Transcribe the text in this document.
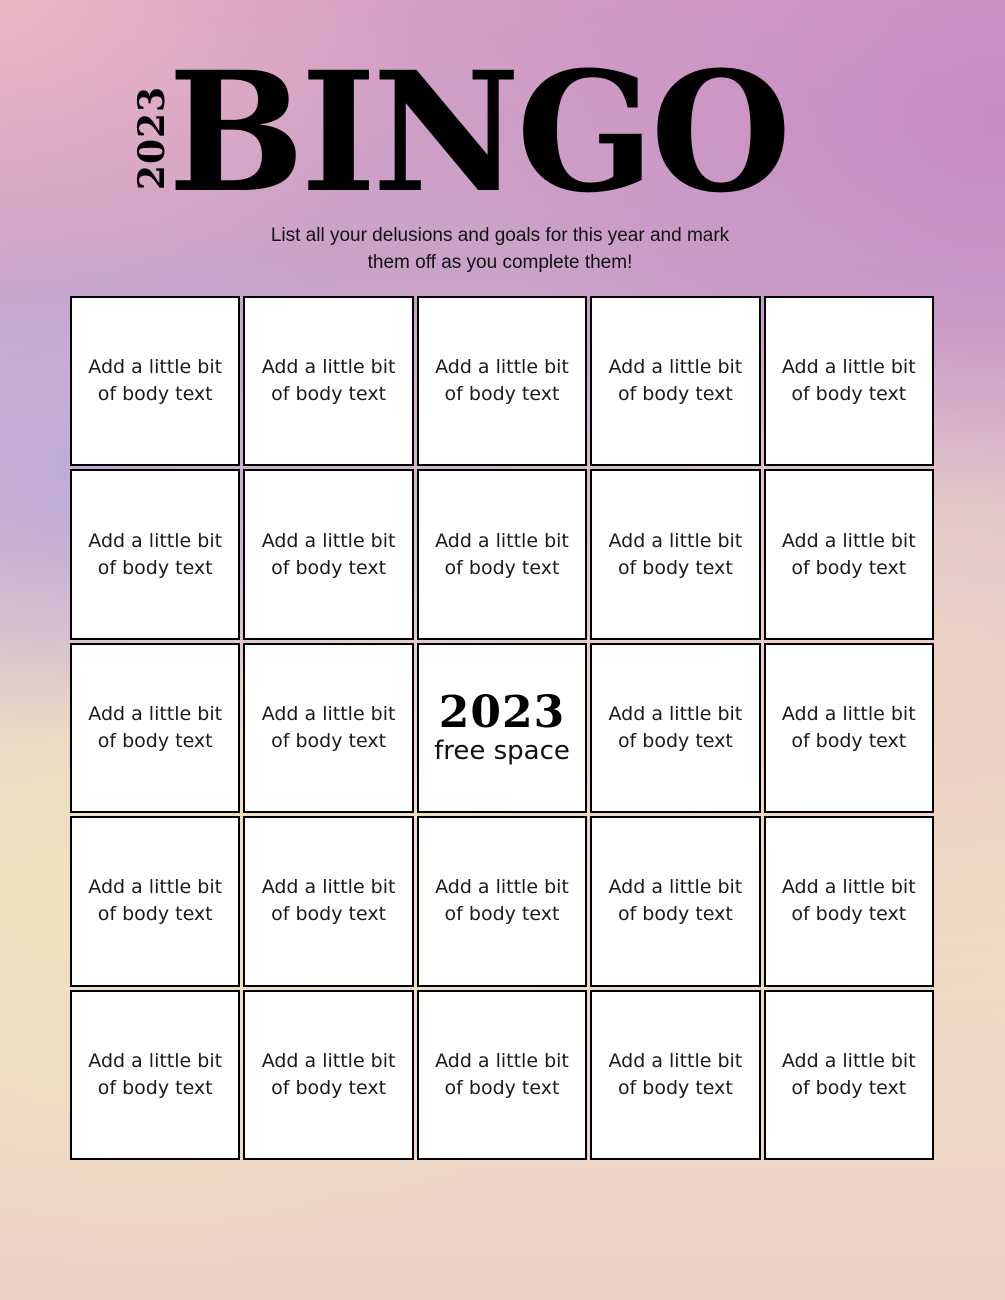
2023
BINGO
List all your delusions and goals for this year and mark them off as you complete them!
Add a little bit of body text
Add a little bit of body text
Add a little bit of body text
Add a little bit of body text
Add a little bit of body text
Add a little bit of body text
Add a little bit of body text
Add a little bit of body text
Add a little bit of body text
Add a little bit of body text
Add a little bit of body text
Add a little bit of body text
2023
free space
Add a little bit of body text
Add a little bit of body text
Add a little bit of body text
Add a little bit of body text
Add a little bit of body text
Add a little bit of body text
Add a little bit of body text
Add a little bit of body text
Add a little bit of body text
Add a little bit of body text
Add a little bit of body text
Add a little bit of body text
